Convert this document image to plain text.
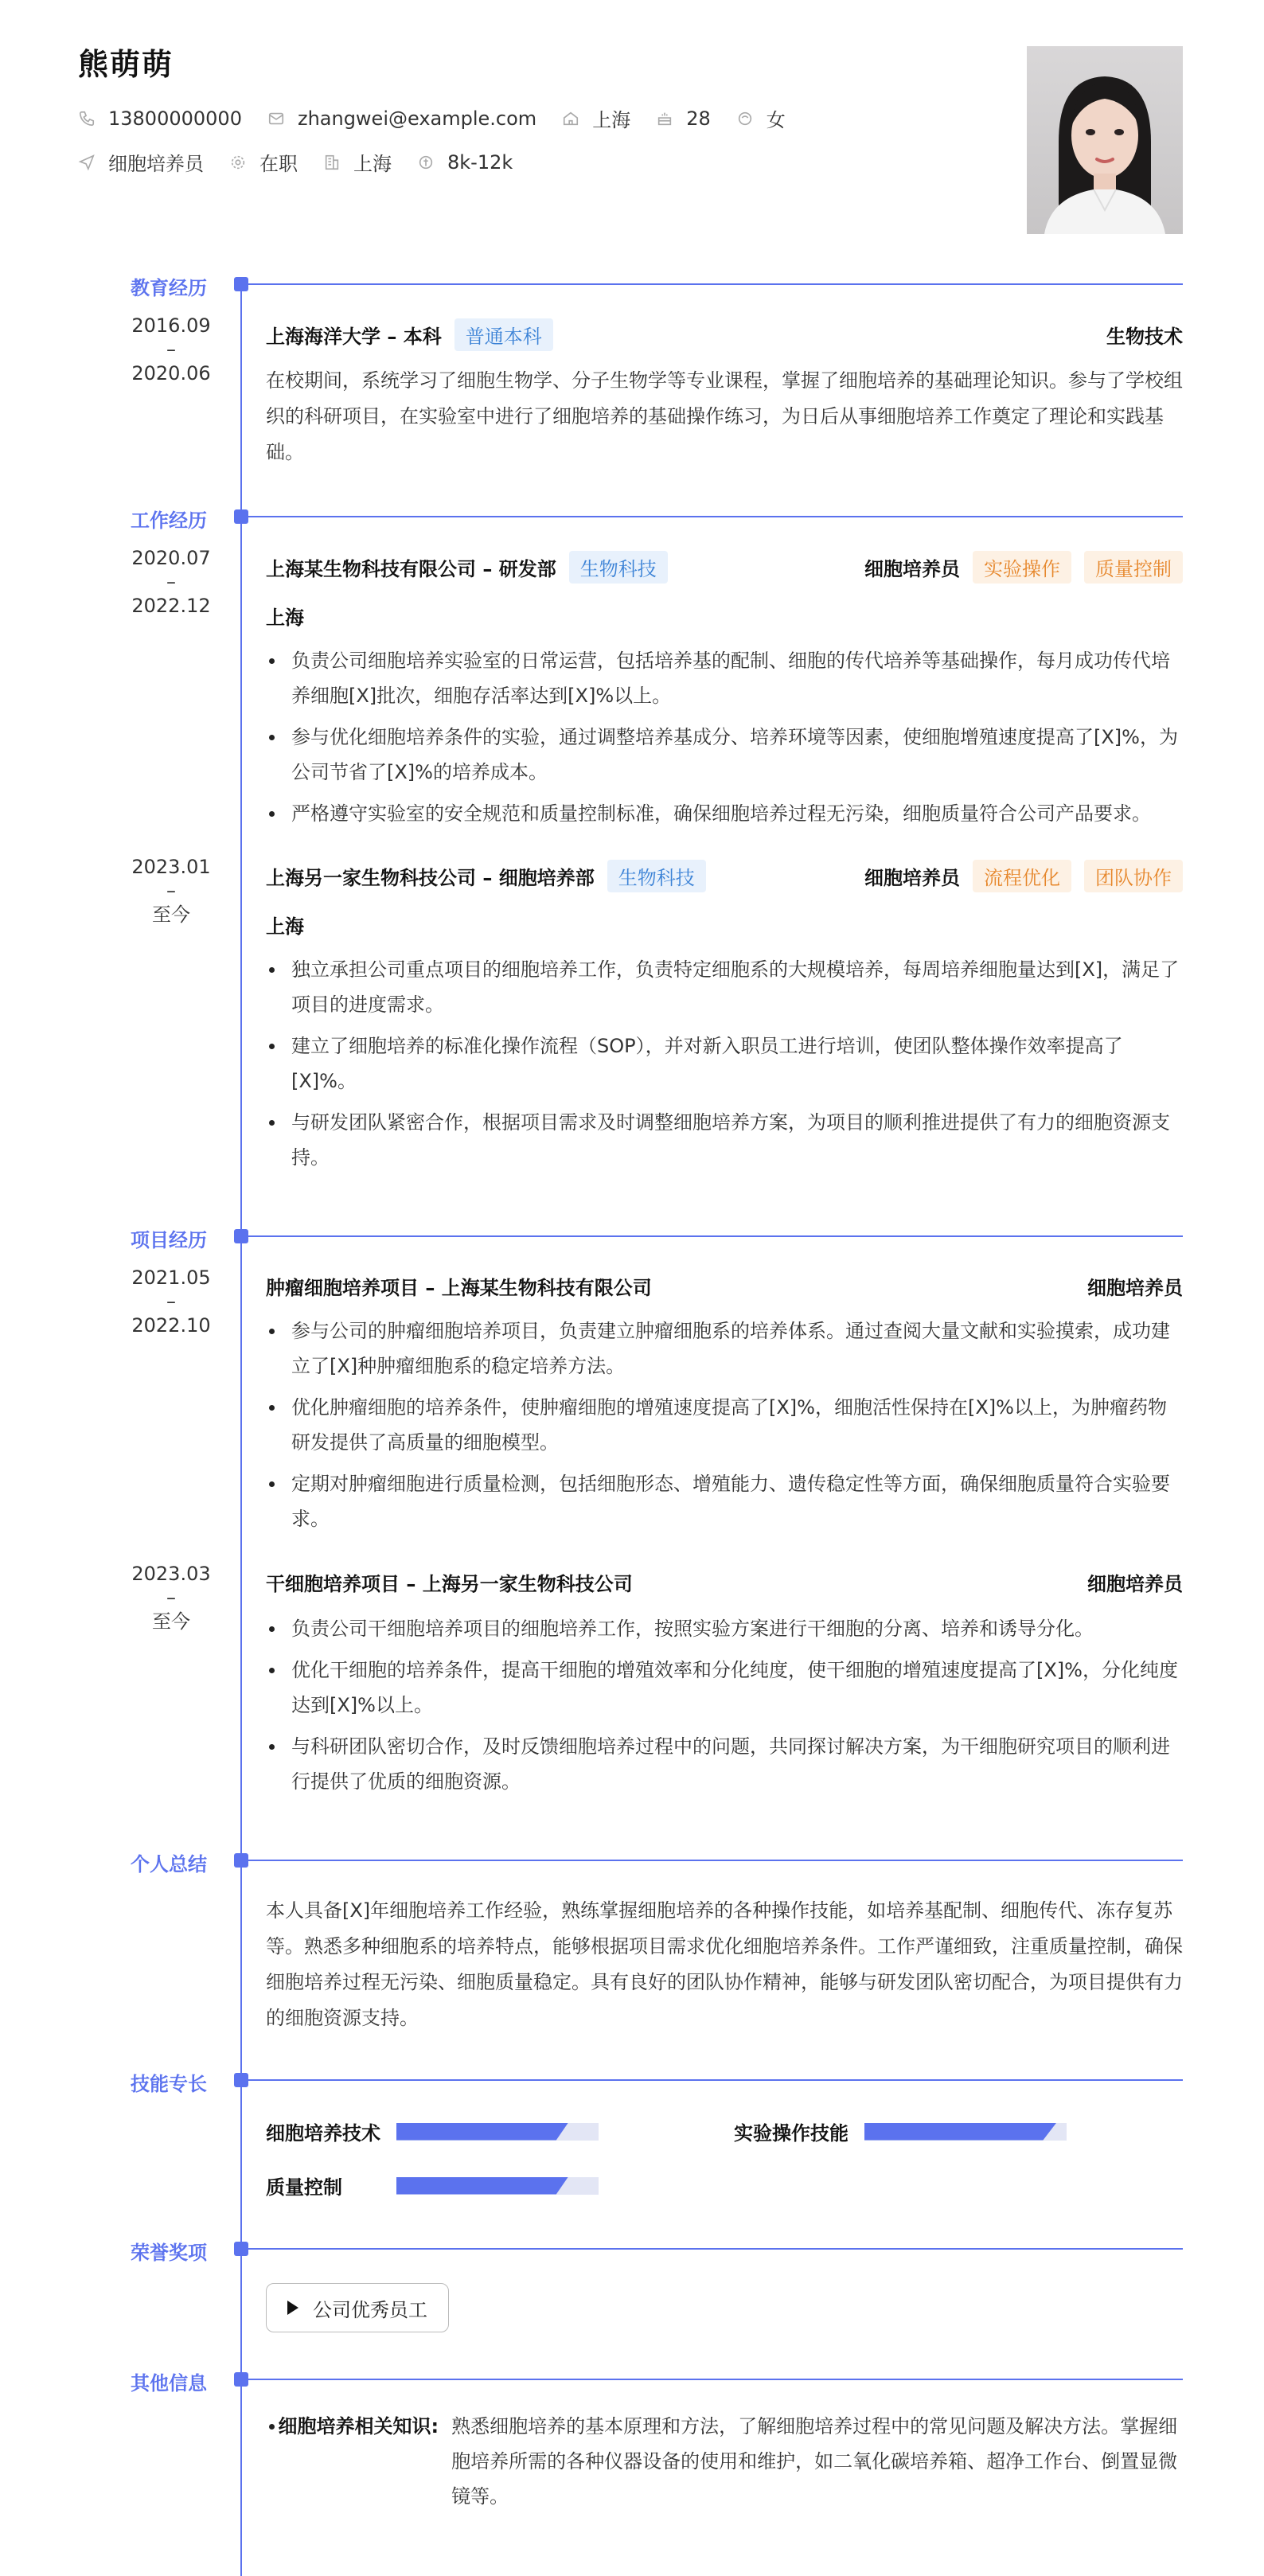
熊萌萌
13800000000	zhangwei@example.com	上海	28	女
细胞培养员	在职	上海	8k-12k
教育经历
2016.09
–
2020.06
上海海洋大学 – 本科	普通本科	生物技术
在校期间，系统学习了细胞生物学、分子生物学等专业课程，掌握了细胞培养的基础理论知识。参与了学校组织的科研项目，在实验室中进行了细胞培养的基础操作练习，为日后从事细胞培养工作奠定了理论和实践基础。
工作经历
2020.07
–
2022.12
上海某生物科技有限公司 – 研发部	生物科技	细胞培养员	实验操作	质量控制
上海
负责公司细胞培养实验室的日常运营，包括培养基的配制、细胞的传代培养等基础操作，每月成功传代培养细胞[X]批次，细胞存活率达到[X]%以上。
参与优化细胞培养条件的实验，通过调整培养基成分、培养环境等因素，使细胞增殖速度提高了[X]%，为公司节省了[X]%的培养成本。
严格遵守实验室的安全规范和质量控制标准，确保细胞培养过程无污染，细胞质量符合公司产品要求。
2023.01
–
至今
上海另一家生物科技公司 – 细胞培养部	生物科技	细胞培养员	流程优化	团队协作
上海
独立承担公司重点项目的细胞培养工作，负责特定细胞系的大规模培养，每周培养细胞量达到[X]，满足了项目的进度需求。
建立了细胞培养的标准化操作流程（SOP），并对新入职员工进行培训，使团队整体操作效率提高了[X]%。
与研发团队紧密合作，根据项目需求及时调整细胞培养方案，为项目的顺利推进提供了有力的细胞资源支持。
项目经历
2021.05
–
2022.10
肿瘤细胞培养项目 – 上海某生物科技有限公司	细胞培养员
参与公司的肿瘤细胞培养项目，负责建立肿瘤细胞系的培养体系。通过查阅大量文献和实验摸索，成功建立了[X]种肿瘤细胞系的稳定培养方法。
优化肿瘤细胞的培养条件，使肿瘤细胞的增殖速度提高了[X]%，细胞活性保持在[X]%以上，为肿瘤药物研发提供了高质量的细胞模型。
定期对肿瘤细胞进行质量检测，包括细胞形态、增殖能力、遗传稳定性等方面，确保细胞质量符合实验要求。
2023.03
–
至今
干细胞培养项目 – 上海另一家生物科技公司	细胞培养员
负责公司干细胞培养项目的细胞培养工作，按照实验方案进行干细胞的分离、培养和诱导分化。
优化干细胞的培养条件，提高干细胞的增殖效率和分化纯度，使干细胞的增殖速度提高了[X]%，分化纯度达到[X]%以上。
与科研团队密切合作，及时反馈细胞培养过程中的问题，共同探讨解决方案，为干细胞研究项目的顺利进行提供了优质的细胞资源。
个人总结
本人具备[X]年细胞培养工作经验，熟练掌握细胞培养的各种操作技能，如培养基配制、细胞传代、冻存复苏等。熟悉多种细胞系的培养特点，能够根据项目需求优化细胞培养条件。工作严谨细致，注重质量控制，确保细胞培养过程无污染、细胞质量稳定。具有良好的团队协作精神，能够与研发团队密切配合，为项目提供有力的细胞资源支持。
技能专长
细胞培养技术	实验操作技能
质量控制
荣誉奖项
公司优秀员工
其他信息
细胞培养相关知识: 熟悉细胞培养的基本原理和方法，了解细胞培养过程中的常见问题及解决方法。掌握细胞培养所需的各种仪器设备的使用和维护，如二氧化碳培养箱、超净工作台、倒置显微镜等。
